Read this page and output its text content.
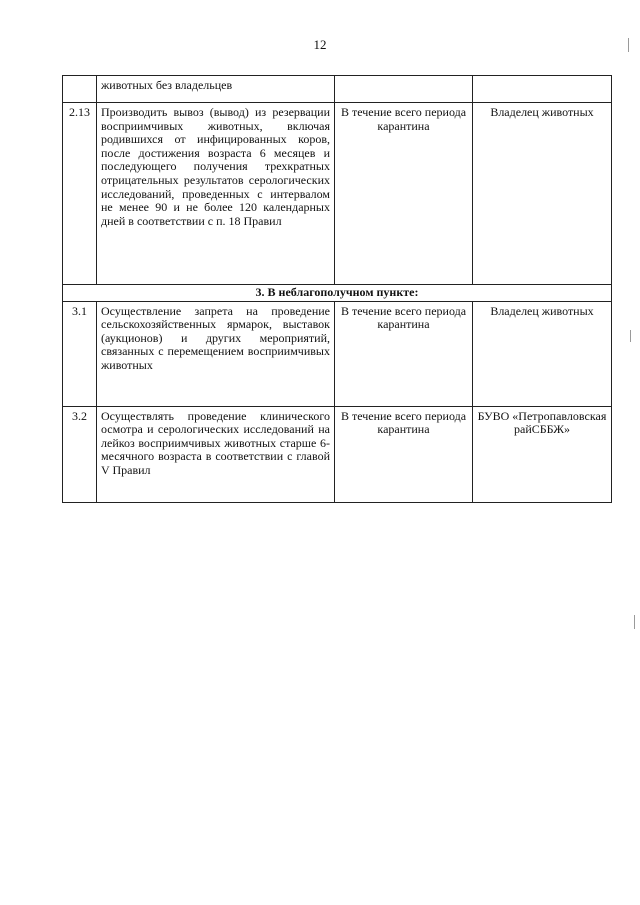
12
	животных без владельцев		
2.13	Производить вывоз (вывод) из резервации восприимчивых животных, включая родившихся от инфицированных коров, после достижения возраста 6 месяцев и последующего получения трехкратных отрицательных результатов серологических исследований, проведенных с интервалом не менее 90 и не более 120 календарных дней в соответствии с п. 18 Правил	В течение всего периода карантина	Владелец животных
3. В неблагополучном пункте:			
3.1	Осуществление запрета на проведение сельскохозяйственных ярмарок, выставок (аукционов) и других мероприятий, связанных с перемещением восприимчивых животных	В течение всего периода карантина	Владелец животных
3.2	Осуществлять проведение клинического осмотра и серологических исследований на лейкоз восприимчивых животных старше 6-месячного возраста в соответствии с главой V Правил	В течение всего периода карантина	БУВО «Петропавловская райСББЖ»
